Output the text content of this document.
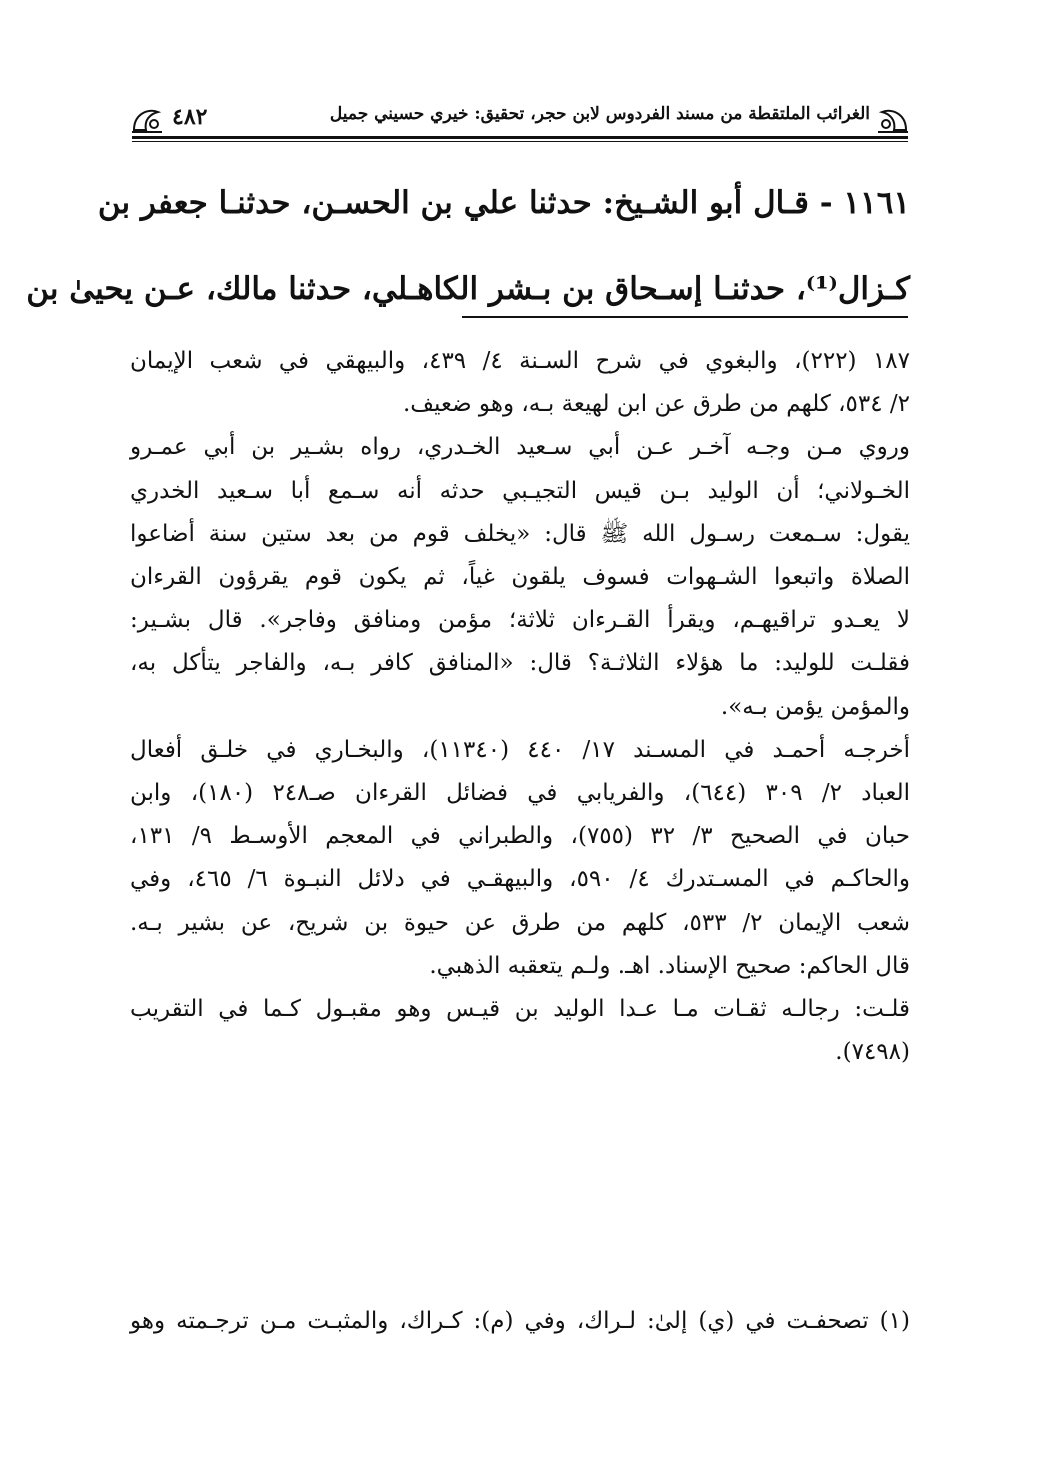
٤٨٢	الغرائب الملتقطة من مسند الفردوس لابن حجر، تحقيق: خيري حسيني جميل

١١٦١ - قـال أبو الشـيخ: حدثنا علي بن الحسـن، حدثنـا جعفر بن

كـزال⁽¹⁾، حدثنـا إسـحاق بن بـشر الكاهـلي، حدثنا مالك، عـن يحيىٰ بن

١٨٧ (٢٢٢)، والبغوي في شرح السـنة ٤/ ٤٣٩، والبيهقي في شعب الإيمان

٢/ ٥٣٤، كلهم من طرق عن ابن لهيعة بـه، وهو ضعيف.

وروي مـن وجـه آخـر عـن أبي سـعيد الخـدري، رواه بشـير بن أبي عمـرو

الخـولاني؛ أن الوليد بـن قيس التجيـبي حدثه أنه سـمع أبا سـعيد الخدري

يقول: سـمعت رسـول الله ﷺ قال: «يخلف قوم من بعد ستين سنة أضاعوا

الصلاة واتبعوا الشـهوات فسوف يلقون غياً، ثم يكون قوم يقرؤون القرءان

لا يعـدو تراقيهـم، ويقرأ القـرءان ثلاثة؛ مؤمن ومنافق وفاجر». قال بشـير:

فقلـت للوليد: ما هؤلاء الثلاثـة؟ قال: «المنافق كافر بـه، والفاجر يتأكل به،

والمؤمن يؤمن بـه».

أخرجـه أحمـد في المسـند ١٧/ ٤٤٠ (١١٣٤٠)، والبخـاري في خلـق أفعال

العباد ٢/ ٣٠٩ (٦٤٤)، والفريابي في فضائل القرءان صـ٢٤٨ (١٨٠)، وابن

حبان في الصحيح ٣/ ٣٢ (٧٥٥)، والطبراني في المعجم الأوسـط ٩/ ١٣١،

والحاكـم في المسـتدرك ٤/ ٥٩٠، والبيهقـي في دلائل النبـوة ٦/ ٤٦٥، وفي

شعب الإيمان ٢/ ٥٣٣، كلهم من طرق عن حيوة بن شريح، عن بشير بـه.

قال الحاكم: صحيح الإسناد. اهـ. ولـم يتعقبه الذهبي.

قلـت: رجالـه ثقـات مـا عـدا الوليد بن قيـس وهو مقبـول كـما في التقريب

(٧٤٩٨).

(١) تصحفـت في (ي) إلىٰ: لـراك، وفي (م): كـراك، والمثبـت مـن ترجـمته وهو
